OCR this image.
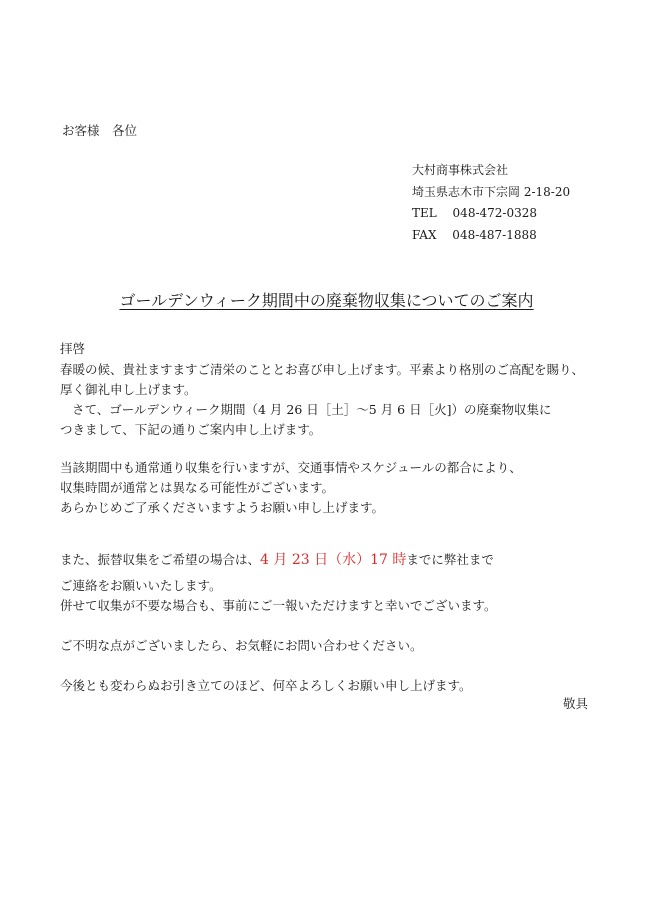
お客様　各位
大村商事株式会社
埼玉県志木市下宗岡 2-18-20
TEL　 048-472-0328
FAX　 048-487-1888
ゴールデンウィーク期間中の廃棄物収集についてのご案内
拝啓
春暖の候、貴社ますますご清栄のこととお喜び申し上げます。平素より格別のご高配を賜り、
厚く御礼申し上げます。
さて、ゴールデンウィーク期間（4 月 26 日［土］～5 月 6 日［火]）の廃棄物収集に
つきまして、下記の通りご案内申し上げます。
当該期間中も通常通り収集を行いますが、交通事情やスケジュールの都合により、
収集時間が通常とは異なる可能性がございます。
あらかじめご了承くださいますようお願い申し上げます。
また、振替収集をご希望の場合は、4 月 23 日（水）17 時までに弊社まで
ご連絡をお願いいたします。
併せて収集が不要な場合も、事前にご一報いただけますと幸いでございます。
ご不明な点がございましたら、お気軽にお問い合わせください。
今後とも変わらぬお引き立てのほど、何卒よろしくお願い申し上げます。
敬具
